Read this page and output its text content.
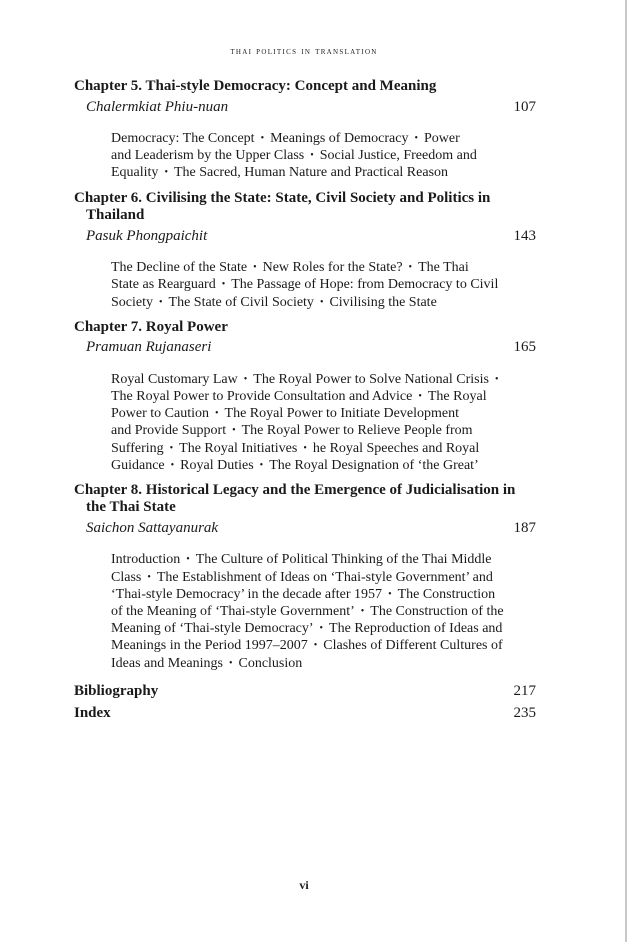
thai politics in translation

Chapter 5. Thai-style Democracy: Concept and Meaning

Chalermkiat Phiu-nuan	107

Democracy: The Concept • Meanings of Democracy • Power

and Leaderism by the Upper Class • Social Justice, Freedom and

Equality • The Sacred, Human Nature and Practical Reason

Chapter 6. Civilising the State: State, Civil Society and Politics in
Thailand

Pasuk Phongpaichit	143

The Decline of the State • New Roles for the State? • The Thai

State as Rearguard • The Passage of Hope: from Democracy to Civil

Society • The State of Civil Society • Civilising the State

Chapter 7. Royal Power

Pramuan Rujanaseri	165

Royal Customary Law • The Royal Power to Solve National Crisis •

The Royal Power to Provide Consultation and Advice • The Royal

Power to Caution • The Royal Power to Initiate Development

and Provide Support • The Royal Power to Relieve People from

Suffering • The Royal Initiatives • he Royal Speeches and Royal

Guidance • Royal Duties • The Royal Designation of ‘the Great’

Chapter 8. Historical Legacy and the Emergence of Judicialisation in
the Thai State

Saichon Sattayanurak	187

Introduction • The Culture of Political Thinking of the Thai Middle

Class • The Establishment of Ideas on ‘Thai-style Government’ and

‘Thai-style Democracy’ in the decade after 1957 • The Construction

of the Meaning of ‘Thai-style Government’ • The Construction of the

Meaning of ‘Thai-style Democracy’ • The Reproduction of Ideas and

Meanings in the Period 1997–2007 • Clashes of Different Cultures of

Ideas and Meanings • Conclusion

Bibliography	217
Index	235
vi
